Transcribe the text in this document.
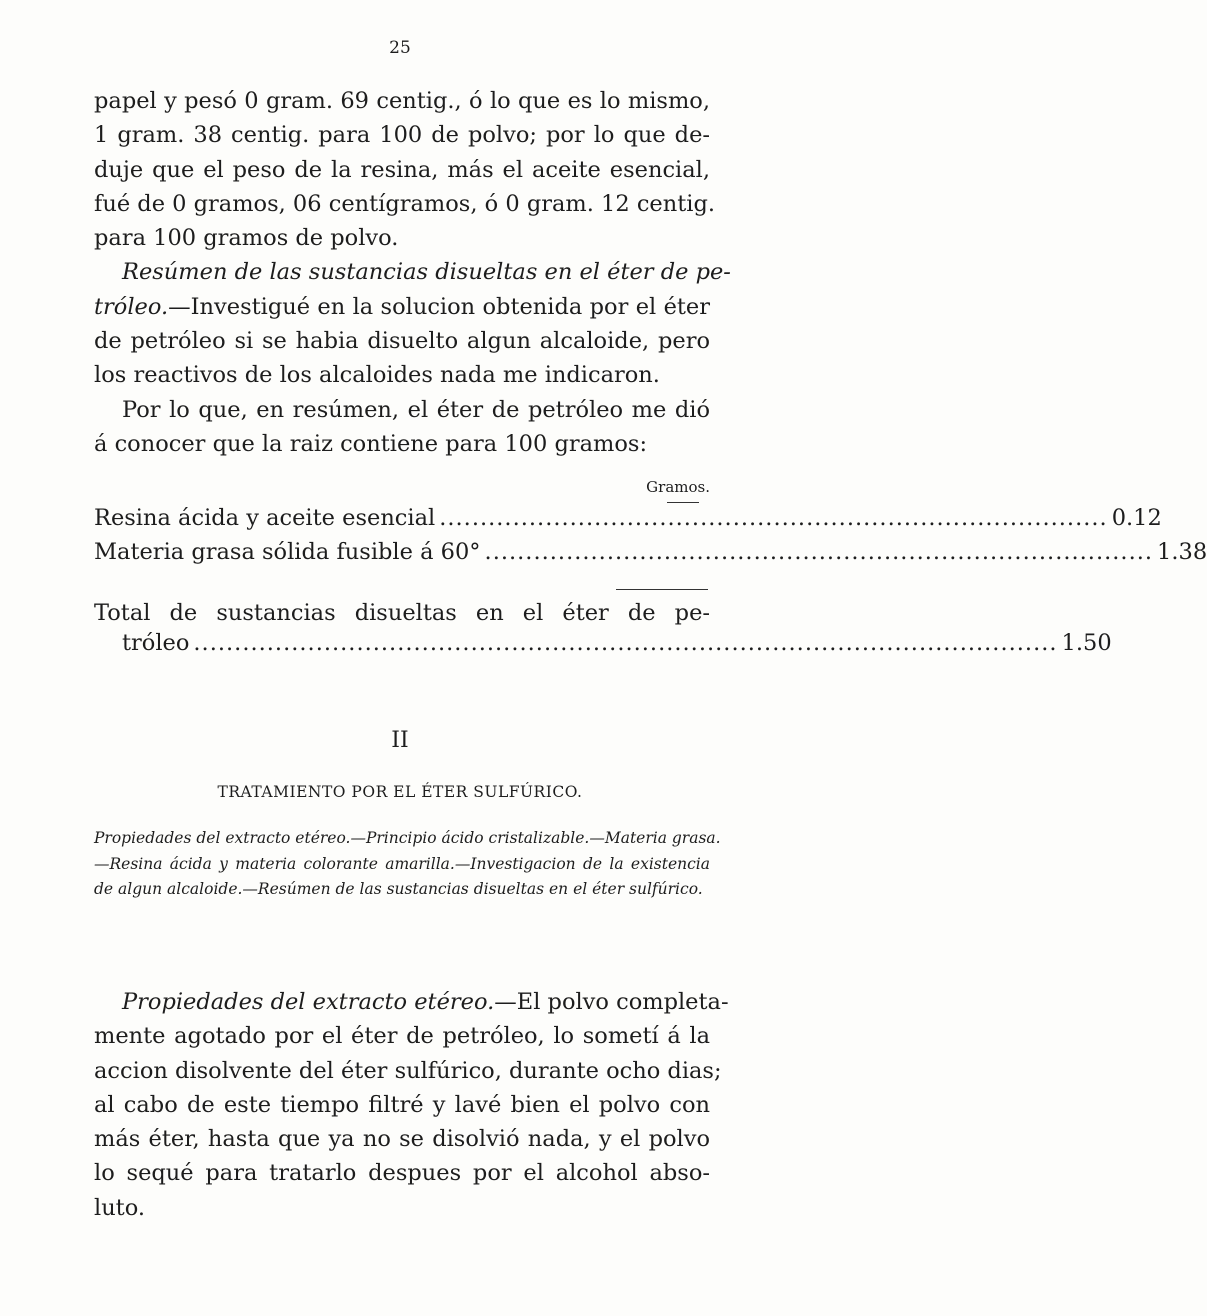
25
papel y pesó 0 gram. 69 centig., ó lo que es lo mismo,
1 gram. 38 centig. para 100 de polvo; por lo que de-
duje que el peso de la resina, más el aceite esencial,
fué de 0 gramos, 06 centígramos, ó 0 gram. 12 centig.
para 100 gramos de polvo.
Resúmen de las sustancias disueltas en el éter de pe-
tróleo.—Investigué en la solucion obtenida por el éter
de petróleo si se habia disuelto algun alcaloide, pero
los reactivos de los alcaloides nada me indicaron.
Por lo que, en resúmen, el éter de petróleo me dió
á conocer que la raiz contiene para 100 gramos:
Gramos.
Resina ácida y aceite esencial .................................................................................. 0.12
Materia grasa sólida fusible á 60° .................................................................................. 1.38
Total de sustancias disueltas en el éter de pe-
tróleo .......................................................................................................... 1.50
II
TRATAMIENTO POR EL ÉTER SULFÚRICO.
Propiedades del extracto etéreo.—Principio ácido cristalizable.—Materia grasa.
—Resina ácida y materia colorante amarilla.—Investigacion de la existencia
de algun alcaloide.—Resúmen de las sustancias disueltas en el éter sulfúrico.
Propiedades del extracto etéreo.—El polvo completa-
mente agotado por el éter de petróleo, lo sometí á la
accion disolvente del éter sulfúrico, durante ocho dias;
al cabo de este tiempo filtré y lavé bien el polvo con
más éter, hasta que ya no se disolvió nada, y el polvo
lo sequé para tratarlo despues por el alcohol abso-
luto.
